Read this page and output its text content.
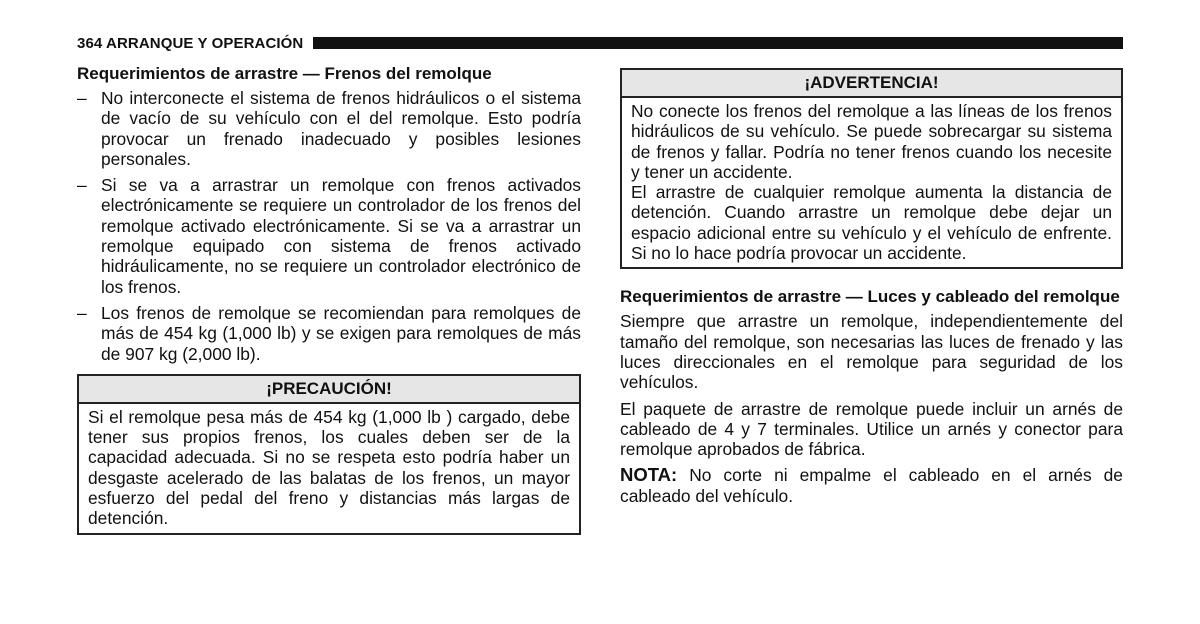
364 ARRANQUE Y OPERACIÓN
Requerimientos de arrastre — Frenos del remolque
– No interconecte el sistema de frenos hidráulicos o el sistema de vacío de su vehículo con el del remolque. Esto podría provocar un frenado inadecuado y posibles lesiones personales.
– Si se va a arrastrar un remolque con frenos activados electrónicamente se requiere un controlador de los frenos del remolque activado electrónicamente. Si se va a arrastrar un remolque equipado con sistema de frenos activado hidráulicamente, no se requiere un controlador electrónico de los frenos.
– Los frenos de remolque se recomiendan para remolques de más de 454 kg (1,000 lb) y se exigen para remolques de más de 907 kg (2,000 lb).
¡PRECAUCIÓN!

Si el remolque pesa más de 454 kg (1,000 lb ) cargado, debe tener sus propios frenos, los cuales deben ser de la capacidad adecuada. Si no se respeta esto podría haber un desgaste acelerado de las balatas de los frenos, un mayor esfuerzo del pedal del freno y distancias más largas de detención.

¡ADVERTENCIA!

No conecte los frenos del remolque a las líneas de los frenos hidráulicos de su vehículo. Se puede sobrecargar su sistema de frenos y fallar. Podría no tener frenos cuando los necesite y tener un accidente.

El arrastre de cualquier remolque aumenta la distancia de detención. Cuando arrastre un remolque debe dejar un espacio adicional entre su vehículo y el vehículo de enfrente. Si no lo hace podría provocar un accidente.

Requerimientos de arrastre — Luces y cableado del remolque

Siempre que arrastre un remolque, independientemente del tamaño del remolque, son necesarias las luces de frenado y las luces direccionales en el remolque para seguridad de los vehículos.

El paquete de arrastre de remolque puede incluir un arnés de cableado de 4 y 7 terminales. Utilice un arnés y conector para remolque aprobados de fábrica.

NOTA: No corte ni empalme el cableado en el arnés de cableado del vehículo.
